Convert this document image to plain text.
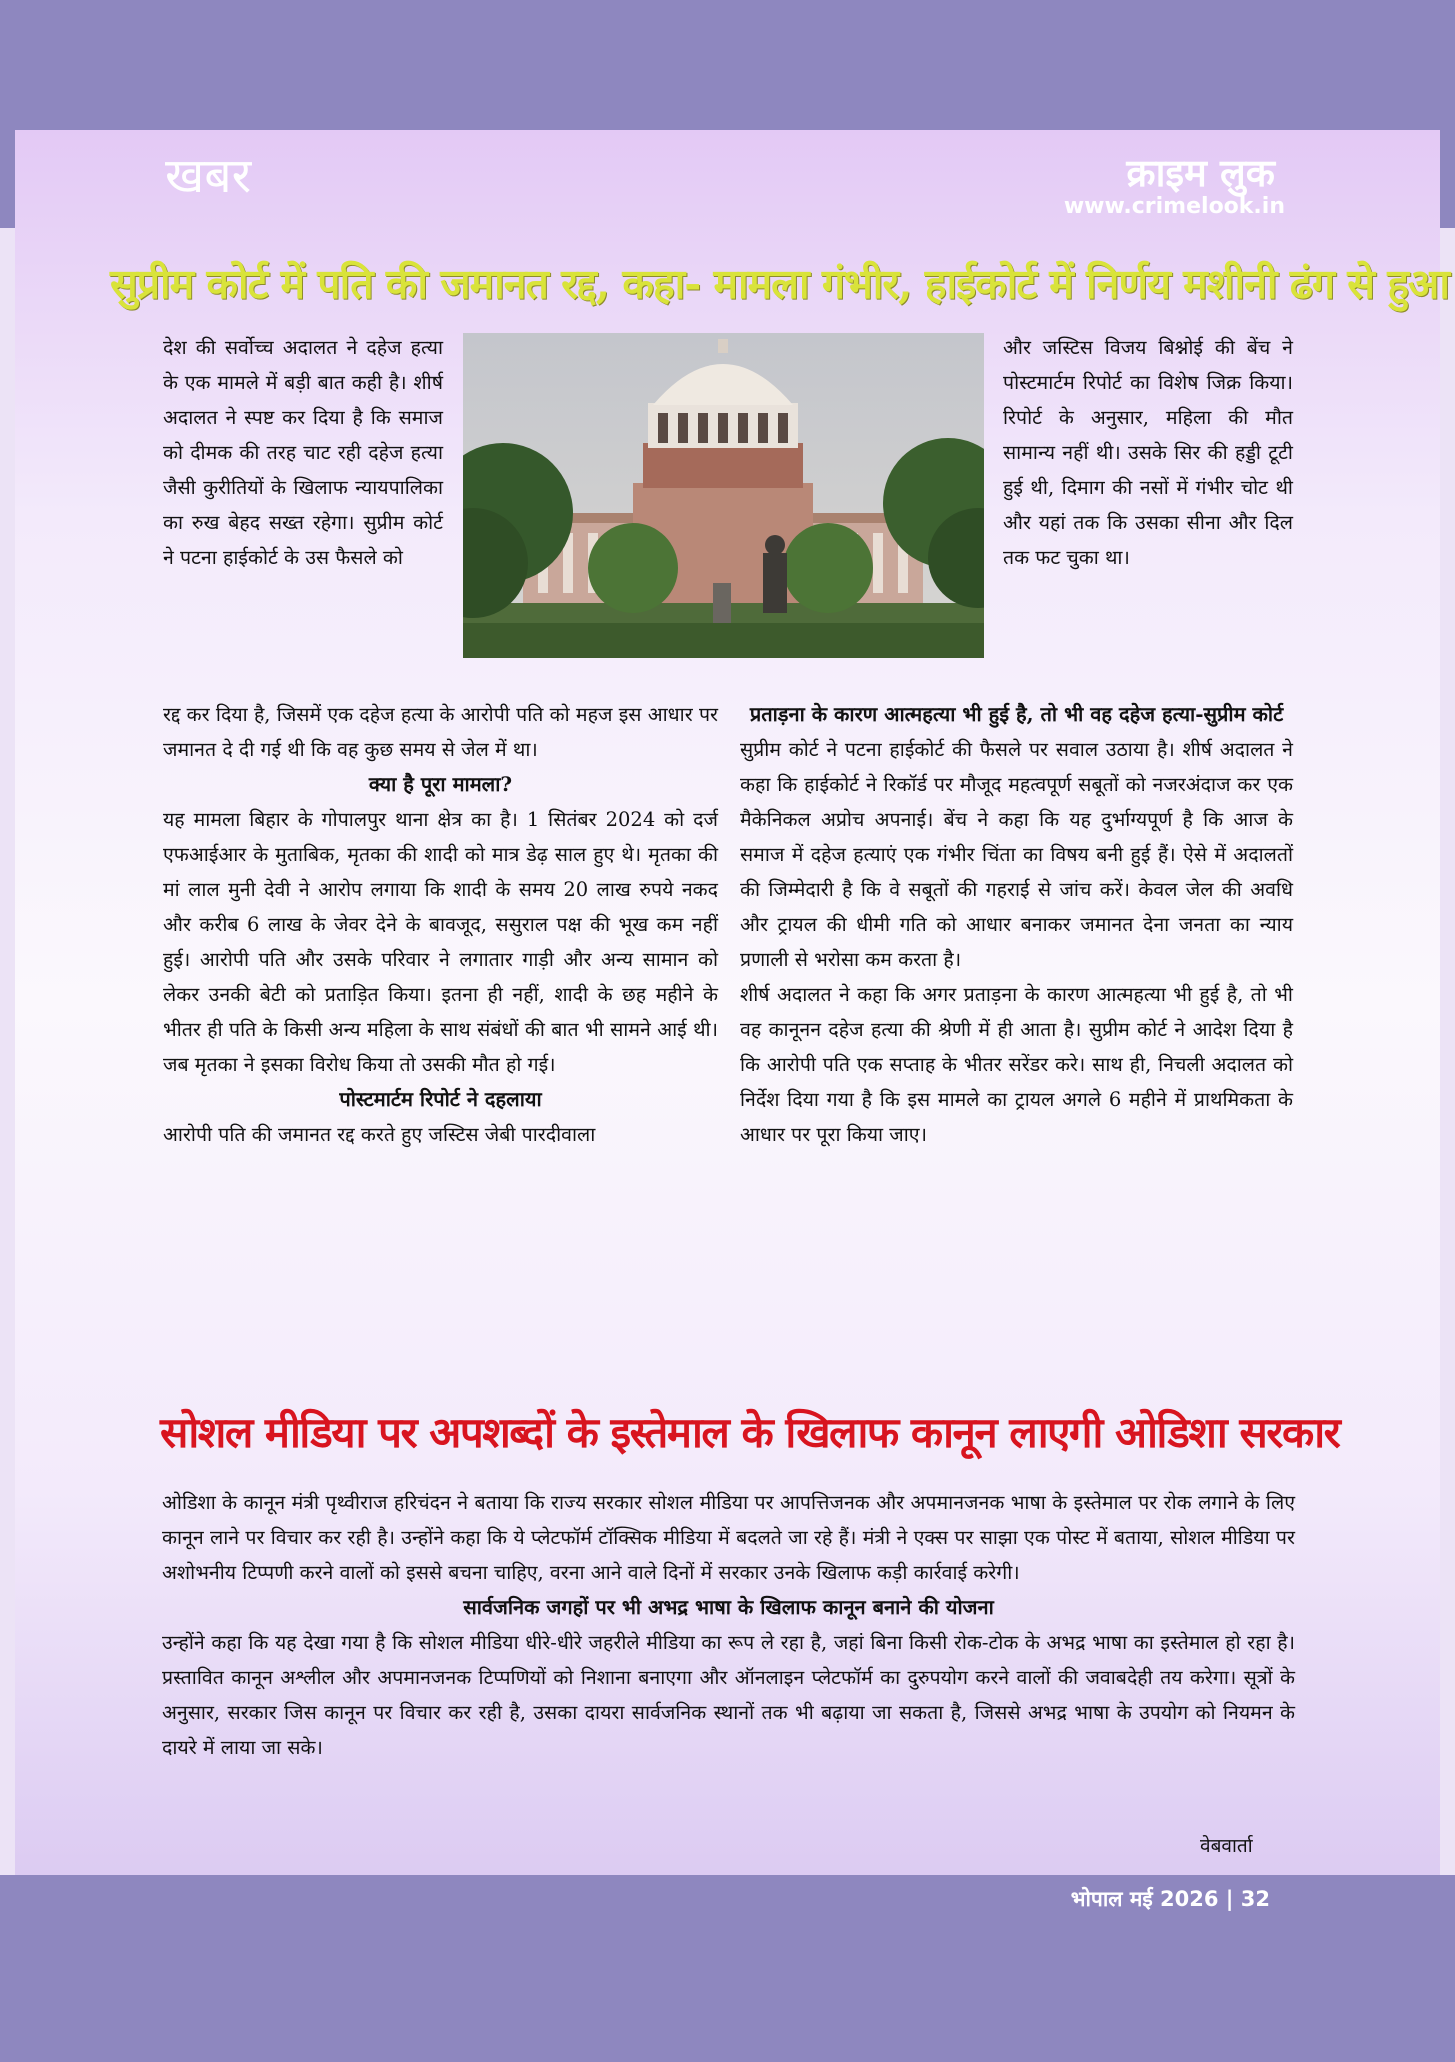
खबर	क्राइम लुक
www.crimelook.in
सुप्रीम कोर्ट में पति की जमानत रद्द, कहा- मामला गंभीर, हाईकोर्ट में निर्णय मशीनी ढंग से हुआ

देश की सर्वोच्च अदालत ने दहेज हत्या के एक मामले में बड़ी बात कही है। शीर्ष अदालत ने स्पष्ट कर दिया है कि समाज को दीमक की तरह चाट रही दहेज हत्या जैसी कुरीतियों के खिलाफ न्यायपालिका का रुख बेहद सख्त रहेगा। सुप्रीम कोर्ट ने पटना हाईकोर्ट के उस फैसले को

और जस्टिस विजय बिश्नोई की बेंच ने पोस्टमार्टम रिपोर्ट का विशेष जिक्र किया। रिपोर्ट के अनुसार, महिला की मौत सामान्य नहीं थी। उसके सिर की हड्डी टूटी हुई थी, दिमाग की नसों में गंभीर चोट थी और यहां तक कि उसका सीना और दिल तक फट चुका था।

रद्द कर दिया है, जिसमें एक दहेज हत्या के आरोपी पति को महज इस आधार पर जमानत दे दी गई थी कि वह कुछ समय से जेल में था।

क्या है पूरा मामला?

यह मामला बिहार के गोपालपुर थाना क्षेत्र का है। 1 सितंबर 2024 को दर्ज एफआईआर के मुताबिक, मृतका की शादी को मात्र डेढ़ साल हुए थे। मृतका की मां लाल मुनी देवी ने आरोप लगाया कि शादी के समय 20 लाख रुपये नकद और करीब 6 लाख के जेवर देने के बावजूद, ससुराल पक्ष की भूख कम नहीं हुई। आरोपी पति और उसके परिवार ने लगातार गाड़ी और अन्य सामान को लेकर उनकी बेटी को प्रताड़ित किया। इतना ही नहीं, शादी के छह महीने के भीतर ही पति के किसी अन्य महिला के साथ संबंधों की बात भी सामने आई थी। जब मृतका ने इसका विरोध किया तो उसकी मौत हो गई।

पोस्टमार्टम रिपोर्ट ने दहलाया

आरोपी पति की जमानत रद्द करते हुए जस्टिस जेबी पारदीवाला

प्रताड़ना के कारण आत्महत्या भी हुई है, तो भी वह दहेज हत्या-सुप्रीम कोर्ट

सुप्रीम कोर्ट ने पटना हाईकोर्ट की फैसले पर सवाल उठाया है। शीर्ष अदालत ने कहा कि हाईकोर्ट ने रिकॉर्ड पर मौजूद महत्वपूर्ण सबूतों को नजरअंदाज कर एक मैकेनिकल अप्रोच अपनाई। बेंच ने कहा कि यह दुर्भाग्यपूर्ण है कि आज के समाज में दहेज हत्याएं एक गंभीर चिंता का विषय बनी हुई हैं। ऐसे में अदालतों की जिम्मेदारी है कि वे सबूतों की गहराई से जांच करें। केवल जेल की अवधि और ट्रायल की धीमी गति को आधार बनाकर जमानत देना जनता का न्याय प्रणाली से भरोसा कम करता है।

शीर्ष अदालत ने कहा कि अगर प्रताड़ना के कारण आत्महत्या भी हुई है, तो भी वह कानूनन दहेज हत्या की श्रेणी में ही आता है। सुप्रीम कोर्ट ने आदेश दिया है कि आरोपी पति एक सप्ताह के भीतर सरेंडर करे। साथ ही, निचली अदालत को निर्देश दिया गया है कि इस मामले का ट्रायल अगले 6 महीने में प्राथमिकता के आधार पर पूरा किया जाए।

सोशल मीडिया पर अपशब्दों के इस्तेमाल के खिलाफ कानून लाएगी ओडिशा सरकार

ओडिशा के कानून मंत्री पृथ्वीराज हरिचंदन ने बताया कि राज्य सरकार सोशल मीडिया पर आपत्तिजनक और अपमानजनक भाषा के इस्तेमाल पर रोक लगाने के लिए कानून लाने पर विचार कर रही है। उन्होंने कहा कि ये प्लेटफॉर्म टॉक्सिक मीडिया में बदलते जा रहे हैं। मंत्री ने एक्स पर साझा एक पोस्ट में बताया, सोशल मीडिया पर अशोभनीय टिप्पणी करने वालों को इससे बचना चाहिए, वरना आने वाले दिनों में सरकार उनके खिलाफ कड़ी कार्रवाई करेगी।

सार्वजनिक जगहों पर भी अभद्र भाषा के खिलाफ कानून बनाने की योजना

उन्होंने कहा कि यह देखा गया है कि सोशल मीडिया धीरे-धीरे जहरीले मीडिया का रूप ले रहा है, जहां बिना किसी रोक-टोक के अभद्र भाषा का इस्तेमाल हो रहा है। प्रस्तावित कानून अश्लील और अपमानजनक टिप्पणियों को निशाना बनाएगा और ऑनलाइन प्लेटफॉर्म का दुरुपयोग करने वालों की जवाबदेही तय करेगा। सूत्रों के अनुसार, सरकार जिस कानून पर विचार कर रही है, उसका दायरा सार्वजनिक स्थानों तक भी बढ़ाया जा सकता है, जिससे अभद्र भाषा के उपयोग को नियमन के दायरे में लाया जा सके।

वेबवार्ता
भोपाल मई 2026 | 32
